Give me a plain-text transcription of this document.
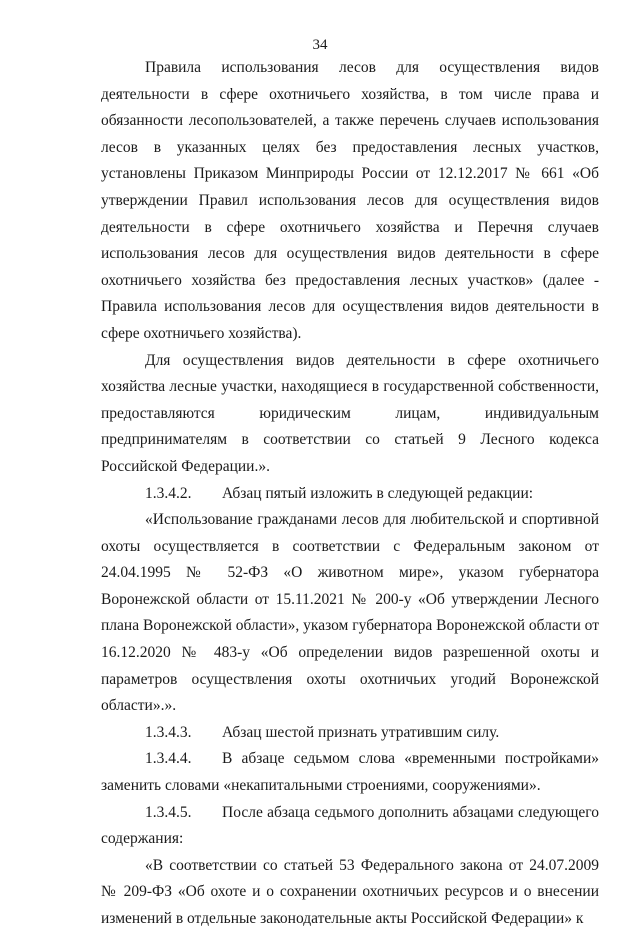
34

Правила использования лесов для осуществления видов деятельности в сфере охотничьего хозяйства, в том числе права и обязанности лесопользователей, а также перечень случаев использования лесов в указанных целях без предоставления лесных участков, установлены Приказом Минприроды России от 12.12.2017 № 661 «Об утверждении Правил использования лесов для осуществления видов деятельности в сфере охотничьего хозяйства и Перечня случаев использования лесов для осуществления видов деятельности в сфере охотничьего хозяйства без предоставления лесных участков» (далее - Правила использования лесов для осуществления видов деятельности в сфере охотничьего хозяйства).

Для осуществления видов деятельности в сфере охотничьего хозяйства лесные участки, находящиеся в государственной собственности, предоставляются юридическим лицам, индивидуальным предпринимателям в соответствии со статьей 9 Лесного кодекса Российской Федерации.».

1.3.4.2. Абзац пятый изложить в следующей редакции:

«Использование гражданами лесов для любительской и спортивной охоты осуществляется в соответствии с Федеральным законом от 24.04.1995 № 52-ФЗ «О животном мире», указом губернатора Воронежской области от 15.11.2021 № 200-у «Об утверждении Лесного плана Воронежской области», указом губернатора Воронежской области от 16.12.2020 № 483-у «Об определении видов разрешенной охоты и параметров осуществления охоты охотничьих угодий Воронежской области».».

1.3.4.3. Абзац шестой признать утратившим силу.

1.3.4.4. В абзаце седьмом слова «временными постройками» заменить словами «некапитальными строениями, сооружениями».

1.3.4.5. После абзаца седьмого дополнить абзацами следующего содержания:

«В соответствии со статьей 53 Федерального закона от 24.07.2009 № 209-ФЗ «Об охоте и о сохранении охотничьих ресурсов и о внесении изменений в отдельные законодательные акты Российской Федерации» к
